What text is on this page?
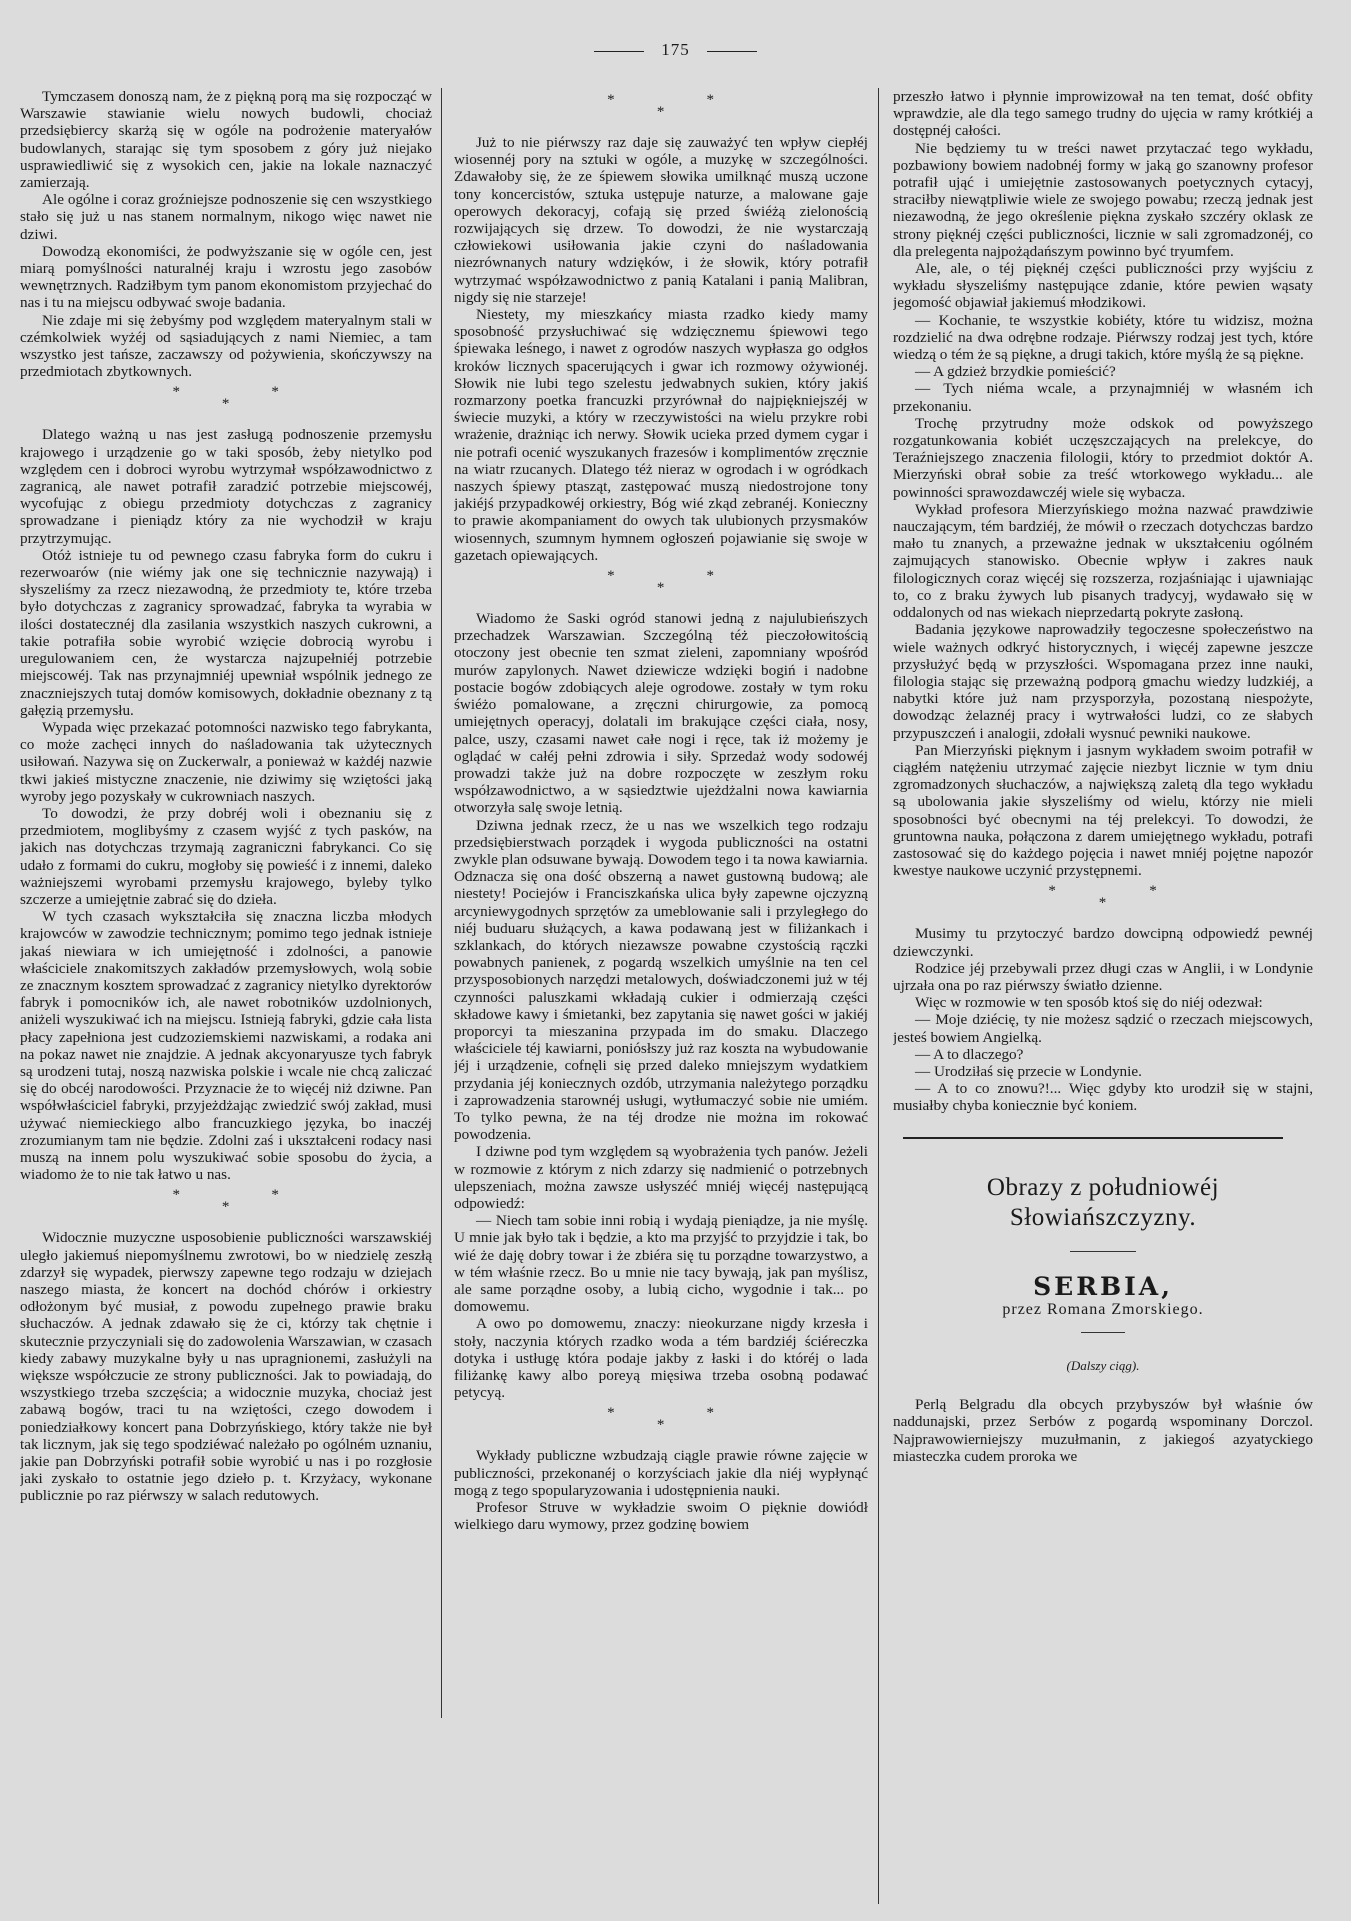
175

Tymczasem donoszą nam, że z piękną porą ma się rozpocząć w Warszawie stawianie wielu nowych budowli, chociaż przedsiębiercy skarżą się w ogóle na podrożenie materyałów budowlanych, starając się tym sposobem z góry już niejako usprawiedliwić się z wysokich cen, jakie na lokale naznaczyć zamierzają.

Ale ogólne i coraz groźniejsze podnoszenie się cen wszystkiego stało się już u nas stanem normalnym, nikogo więc nawet nie dziwi.

Dowodzą ekonomiści, że podwyższanie się w ogóle cen, jest miarą pomyślności naturalnéj kraju i wzrostu jego zasobów wewnętrznych. Radziłbym tym panom ekonomistom przyjechać do nas i tu na miejscu odbywać swoje badania.

Nie zdaje mi się żebyśmy pod względem materyalnym stali w czémkolwiek wyżéj od sąsiadujących z nami Niemiec, a tam wszystko jest tańsze, zaczawszy od pożywienia, skończywszy na przedmiotach zbytkownych.

*
*
*

Dlatego ważną u nas jest zasługą podnoszenie przemysłu krajowego i urządzenie go w taki sposób, żeby nietylko pod względem cen i dobroci wyrobu wytrzymał współzawodnictwo z zagranicą, ale nawet potrafił zaradzić potrzebie miejscowéj, wycofując z obiegu przedmioty dotychczas z zagranicy sprowadzane i pieniądz który za nie wychodził w kraju przytrzymując.

Otóż istnieje tu od pewnego czasu fabryka form do cukru i rezerwoarów (nie wiémy jak one się technicznie nazywają) i słyszeliśmy za rzecz niezawodną, że przedmioty te, które trzeba było dotychczas z zagranicy sprowadzać, fabryka ta wyrabia w ilości dostatecznéj dla zasilania wszystkich naszych cukrowni, a takie potrafiła sobie wyrobić wzięcie dobrocią wyrobu i uregulowaniem cen, że wystarcza najzupełniéj potrzebie miejscowéj. Tak nas przynajmniéj upewniał wspólnik jednego ze znaczniejszych tutaj domów komisowych, dokładnie obeznany z tą gałęzią przemysłu.

Wypada więc przekazać potomności nazwisko tego fabrykanta, co może zachęci innych do naśladowania tak użytecznych usiłowań. Nazywa się on Zuckerwalr, a ponieważ w każdéj nazwie tkwi jakieś mistyczne znaczenie, nie dziwimy się wziętości jaką wyroby jego pozyskały w cukrowniach naszych.

To dowodzi, że przy dobréj woli i obeznaniu się z przedmiotem, moglibyśmy z czasem wyjść z tych pasków, na jakich nas dotychczas trzymają zagraniczni fabrykanci. Co się udało z formami do cukru, mogłoby się powieść i z innemi, daleko ważniejszemi wyrobami przemysłu krajowego, byleby tylko szczerze a umiejętnie zabrać się do dzieła.

W tych czasach wykształciła się znaczna liczba młodych krajowców w zawodzie technicznym; pomimo tego jednak istnieje jakaś niewiara w ich umiejętność i zdolności, a panowie właściciele znakomitszych zakładów przemysłowych, wolą sobie ze znacznym kosztem sprowadzać z zagranicy nietylko dyrektorów fabryk i pomocników ich, ale nawet robotników uzdolnionych, aniżeli wyszukiwać ich na miejscu. Istnieją fabryki, gdzie cała lista płacy zapełniona jest cudzoziemskiemi nazwiskami, a rodaka ani na pokaz nawet nie znajdzie. A jednak akcyonaryusze tych fabryk są urodzeni tutaj, noszą nazwiska polskie i wcale nie chcą zaliczać się do obcéj narodowości. Przyznacie że to więcéj niż dziwne. Pan współwłaściciel fabryki, przyjeżdżając zwiedzić swój zakład, musi używać niemieckiego albo francuzkiego języka, bo inaczéj zrozumianym tam nie będzie. Zdolni zaś i ukształceni rodacy nasi muszą na innem polu wyszukiwać sobie sposobu do życia, a wiadomo że to nie tak łatwo u nas.

*
*
*

Widocznie muzyczne usposobienie publiczności warszawskiéj uległo jakiemuś niepomyślnemu zwrotowi, bo w niedzielę zeszłą zdarzył się wypadek, pierwszy zapewne tego rodzaju w dziejach naszego miasta, że koncert na dochód chórów i orkiestry odłożonym być musiał, z powodu zupełnego prawie braku słuchaczów. A jednak zdawało się że ci, którzy tak chętnie i skutecznie przyczyniali się do zadowolenia Warszawian, w czasach kiedy zabawy muzykalne były u nas upragnionemi, zasłużyli na większe współczucie ze strony publiczności. Jak to powiadają, do wszystkiego trzeba szczęścia; a widocznie muzyka, chociaż jest zabawą bogów, traci tu na wziętości, czego dowodem i poniedziałkowy koncert pana Dobrzyńskiego, który także nie był tak licznym, jak się tego spodziéwać należało po ogólném uznaniu, jakie pan Dobrzyński potrafił sobie wyrobić u nas i po rozgłosie jaki zyskało to ostatnie jego dzieło p. t. Krzyżacy, wykonane publicznie po raz piérwszy w salach redutowych.

*
*
*

Już to nie piérwszy raz daje się zauważyć ten wpływ ciepłéj wiosennéj pory na sztuki w ogóle, a muzykę w szczególności. Zdawałoby się, że ze śpiewem słowika umilknąć muszą uczone tony koncercistów, sztuka ustępuje naturze, a malowane gaje operowych dekoracyj, cofają się przed świéżą zielonością rozwijających się drzew. To dowodzi, że nie wystarczają człowiekowi usiłowania jakie czyni do naśladowania niezrównanych natury wdzięków, i że słowik, który potrafił wytrzymać współzawodnictwo z panią Katalani i panią Malibran, nigdy się nie starzeje!

Niestety, my mieszkańcy miasta rzadko kiedy mamy sposobność przysłuchiwać się wdzięcznemu śpiewowi tego śpiewaka leśnego, i nawet z ogrodów naszych wypłasza go odgłos kroków licznych spacerujących i gwar ich rozmowy ożywionéj. Słowik nie lubi tego szelestu jedwabnych sukien, który jakiś rozmarzony poetka francuzki przyrównał do najpiękniejszéj w świecie muzyki, a który w rzeczywistości na wielu przykre robi wrażenie, drażniąc ich nerwy. Słowik ucieka przed dymem cygar i nie potrafi ocenić wyszukanych frazesów i komplimentów zręcznie na wiatr rzucanych. Dlatego téż nieraz w ogrodach i w ogródkach naszych śpiewy ptasząt, zastępować muszą niedostrojone tony jakiéjś przypadkowéj orkiestry, Bóg wié zkąd zebranéj. Konieczny to prawie akompaniament do owych tak ulubionych przysmaków wiosennych, szumnym hymnem ogłoszeń pojawianie się swoje w gazetach opiewających.

*
*
*

Wiadomo że Saski ogród stanowi jedną z najulubieńszych przechadzek Warszawian. Szczególną téż pieczołowitością otoczony jest obecnie ten szmat zieleni, zapomniany wpośród murów zapylonych. Nawet dziewicze wdzięki bogiń i nadobne postacie bogów zdobiących aleje ogrodowe. zostały w tym roku świéżo pomalowane, a zręczni chirurgowie, za pomocą umiejętnych operacyj, dolatali im brakujące części ciała, nosy, palce, uszy, czasami nawet całe nogi i ręce, tak iż możemy je oglądać w całéj pełni zdrowia i siły. Sprzedaż wody sodowéj prowadzi także już na dobre rozpoczęte w zeszłym roku współzawodnictwo, a w sąsiedztwie ujeżdżalni nowa kawiarnia otworzyła salę swoje letnią.

Dziwna jednak rzecz, że u nas we wszelkich tego rodzaju przedsiębierstwach porządek i wygoda publiczności na ostatni zwykle plan odsuwane bywają. Dowodem tego i ta nowa kawiarnia. Odznacza się ona dość obszerną a nawet gustowną budową; ale niestety! Pociejów i Franciszkańska ulica były zapewne ojczyzną arcyniewygodnych sprzętów za umeblowanie sali i przyległego do niéj buduaru służących, a kawa podawaną jest w filiżankach i szklankach, do których niezawsze powabne czystością rączki powabnych panienek, z pogardą wszelkich umyślnie na ten cel przysposobionych narzędzi metalowych, doświadczonemi już w téj czynności paluszkami wkładają cukier i odmierzają części składowe kawy i śmietanki, bez zapytania się nawet gości w jakiéj proporcyi ta mieszanina przypada im do smaku. Dlaczego właściciele téj kawiarni, poniósłszy już raz koszta na wybudowanie jéj i urządzenie, cofnęli się przed daleko mniejszym wydatkiem przydania jéj koniecznych ozdób, utrzymania należytego porządku i zaprowadzenia starownéj usługi, wytłumaczyć sobie nie umiém. To tylko pewna, że na téj drodze nie można im rokować powodzenia.

I dziwne pod tym względem są wyobrażenia tych panów. Jeżeli w rozmowie z którym z nich zdarzy się nadmienić o potrzebnych ulepszeniach, można zawsze usłyszéć mniéj więcéj następującą odpowiedź:

— Niech tam sobie inni robią i wydają pieniądze, ja nie myślę. U mnie jak było tak i będzie, a kto ma przyjść to przyjdzie i tak, bo wié że daję dobry towar i że zbiéra się tu porządne towarzystwo, a w tém właśnie rzecz. Bo u mnie nie tacy bywają, jak pan myślisz, ale same porządne osoby, a lubią cicho, wygodnie i tak... po domowemu.

A owo po domowemu, znaczy: nieokurzane nigdy krzesła i stoły, naczynia których rzadko woda a tém bardziéj ściéreczka dotyka i ustługę która podaje jakby z łaski i do któréj o lada filiżankę kawy albo poreyą mięsiwa trzeba osobną podawać petycyą.

*
*
*

Wykłady publiczne wzbudzają ciągle prawie równe zajęcie w publiczności, przekonanéj o korzyściach jakie dla niéj wypłynąć mogą z tego spopularyzowania i udostępnienia nauki.

Profesor Struve w wykładzie swoim O pięknie dowiódł wielkiego daru wymowy, przez godzinę bowiem

przeszło łatwo i płynnie improwizował na ten temat, dość obfity wprawdzie, ale dla tego samego trudny do ujęcia w ramy krótkiéj a dostępnéj całości.

Nie będziemy tu w treści nawet przytaczać tego wykładu, pozbawiony bowiem nadobnéj formy w jaką go szanowny profesor potrafił ująć i umiejętnie zastosowanych poetycznych cytacyj, straciłby niewątpliwie wiele ze swojego powabu; rzeczą jednak jest niezawodną, że jego określenie piękna zyskało szczéry oklask ze strony pięknéj części publiczności, licznie w sali zgromadzonéj, co dla prelegenta najpożądańszym powinno być tryumfem.

Ale, ale, o téj pięknéj części publiczności przy wyjściu z wykładu słyszeliśmy następujące zdanie, które pewien wąsaty jegomość objawiał jakiemuś młodzikowi.

— Kochanie, te wszystkie kobiéty, które tu widzisz, można rozdzielić na dwa odrębne rodzaje. Piérwszy rodzaj jest tych, które wiedzą o tém że są piękne, a drugi takich, które myślą że są piękne.

— A gdzież brzydkie pomieścić?

— Tych niéma wcale, a przynajmniéj w własném ich przekonaniu.

Trochę przytrudny może odskok od powyższego rozgatunkowania kobiét uczęszczających na prelekcye, do Teraźniejszego znaczenia filologii, który to przedmiot doktór A. Mierzyński obrał sobie za treść wtorkowego wykładu... ale powinności sprawozdawczéj wiele się wybacza.

Wykład profesora Mierzyńskiego można nazwać prawdziwie nauczającym, tém bardziéj, że mówił o rzeczach dotychczas bardzo mało tu znanych, a przeważne jednak w ukształceniu ogólném zajmujących stanowisko. Obecnie wpływ i zakres nauk filologicznych coraz więcéj się rozszerza, rozjaśniając i ujawniając to, co z braku żywych lub pisanych tradycyj, wydawało się w oddalonych od nas wiekach nieprzedartą pokryte zasłoną.

Badania językowe naprowadziły tegoczesne społeczeństwo na wiele ważnych odkryć historycznych, i więcéj zapewne jeszcze przysłużyć będą w przyszłości. Wspomagana przez inne nauki, filologia stając się przeważną podporą gmachu wiedzy ludzkiéj, a nabytki które już nam przysporzyła, pozostaną niespożyte, dowodząc żelaznéj pracy i wytrwałości ludzi, co ze słabych przypuszczeń i analogii, zdołali wysnuć pewniki naukowe.

Pan Mierzyński pięknym i jasnym wykładem swoim potrafił w ciągłém natężeniu utrzymać zajęcie niezbyt licznie w tym dniu zgromadzonych słuchaczów, a największą zaletą dla tego wykładu są ubolowania jakie słyszeliśmy od wielu, którzy nie mieli sposobności być obecnymi na téj prelekcyi. To dowodzi, że gruntowna nauka, połączona z darem umiejętnego wykładu, potrafi zastosować się do każdego pojęcia i nawet mniéj pojętne napozór kwestye naukowe uczynić przystępnemi.

*
*
*

Musimy tu przytoczyć bardzo dowcipną odpowiedź pewnéj dziewczynki.

Rodzice jéj przebywali przez długi czas w Anglii, i w Londynie ujrzała ona po raz piérwszy światło dzienne.

Więc w rozmowie w ten sposób ktoś się do niéj odezwał:

— Moje dziécię, ty nie możesz sądzić o rzeczach miejscowych, jesteś bowiem Angielką.

— A to dlaczego?

— Urodziłaś się przecie w Londynie.

— A to co znowu?!... Więc gdyby kto urodził się w stajni, musiałby chyba koniecznie być koniem.

Obrazy z południowéj Słowiańszczyzny.
SERBIA,
przez Romana Zmorskiego.
(Dalszy ciąg).

Perlą Belgradu dla obcych przybyszów był właśnie ów naddunajski, przez Serbów z pogardą wspominany Dorczol. Najprawowierniejszy muzułmanin, z jakiegoś azyatyckiego miasteczka cudem proroka we
